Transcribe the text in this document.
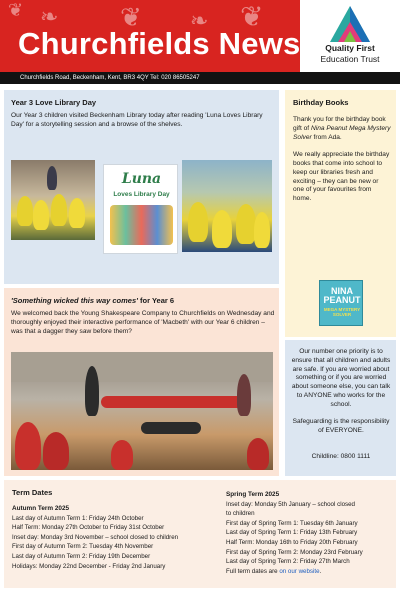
❧ ❦ ❧ ❦
❦
Churchfields News	Quality First
Education Trust
Churchfields Road, Beckenham, Kent, BR3 4QY Tel: 020 86505247
Year 3 Love Library Day
Our Year 3 children visited Beckenham Library today after reading 'Luna Loves Library Day' for a storytelling session and a browse of the shelves.
Luna
Loves Library Day
Birthday Books
Thank you for the birthday book gift of Nina Peanut Mega Mystery Solver from Ada.

We really appreciate the birthday books that come into school to keep our libraries fresh and exciting – they can be new or one of your favourites from home.
NINA PEANUT
MEGA MYSTERY SOLVER
'Something wicked this way comes' for Year 6
We welcomed back the Young Shakespeare Company to Churchfields on Wednesday and thoroughly enjoyed their interactive performance of 'Macbeth' with our Year 6 children – was that a dagger they saw before them?
Our number one priority is to ensure that all children and adults are safe. If you are worried about something or if you are worried about someone else, you can talk to ANYONE who works for the school.

Safeguarding is the responsibility of EVERYONE.
Childline: 0800 1111
Term Dates
Autumn Term 2025
Last day of Autumn Term 1: Friday 24th October
Half Term: Monday 27th October to Friday 31st October
Inset day: Monday 3rd November – school closed to children
First day of Autumn Term 2: Tuesday 4th November
Last day of Autumn Term 2: Friday 19th December
Holidays: Monday 22nd December - Friday 2nd January
Spring Term 2025
Inset day: Monday 5th January – school closed
to children
First day of Spring Term 1: Tuesday 6th January
Last day of Spring Term 1: Friday 13th February
Half Term: Monday 16th to Friday 20th February
First day of Spring Term 2: Monday 23rd February
Last day of Spring Term 2: Friday 27th March
Full term dates are on our website.
